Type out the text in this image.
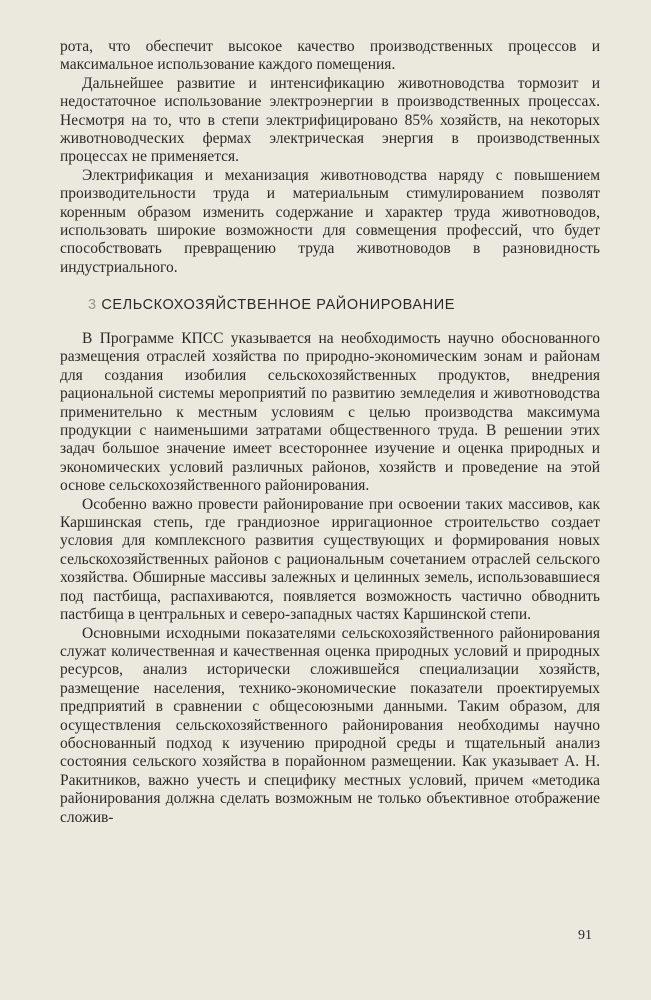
рота, что обеспечит высокое качество производственных процессов и максимальное использование каждого помещения.

Дальнейшее развитие и интенсификацию животноводства тормозит и недостаточное использование электроэнергии в производственных процессах. Несмотря на то, что в степи электрифицировано 85% хозяйств, на некоторых животноводческих фермах электрическая энергия в производственных процессах не применяется.

Электрификация и механизация животноводства наряду с повышением производительности труда и материальным стимулированием позволят коренным образом изменить содержание и характер труда животноводов, использовать широкие возможности для совмещения профессий, что будет способствовать превращению труда животноводов в разновидность индустриального.

3 СЕЛЬСКОХОЗЯЙСТВЕННОЕ РАЙОНИРОВАНИЕ

В Программе КПСС указывается на необходимость научно обоснованного размещения отраслей хозяйства по природно-экономическим зонам и районам для создания изобилия сельскохозяйственных продуктов, внедрения рациональной системы мероприятий по развитию земледелия и животноводства применительно к местным условиям с целью производства максимума продукции с наименьшими затратами общественного труда. В решении этих задач большое значение имеет всестороннее изучение и оценка природных и экономических условий различных районов, хозяйств и проведение на этой основе сельскохозяйственного районирования.

Особенно важно провести районирование при освоении таких массивов, как Каршинская степь, где грандиозное ирригационное строительство создает условия для комплексного развития существующих и формирования новых сельскохозяйственных районов с рациональным сочетанием отраслей сельского хозяйства. Обширные массивы залежных и целинных земель, использовавшиеся под пастбища, распахиваются, появляется возможность частично обводнить пастбища в центральных и северо-западных частях Каршинской степи.

Основными исходными показателями сельскохозяйственного районирования служат количественная и качественная оценка природных условий и природных ресурсов, анализ исторически сложившейся специализации хозяйств, размещение населения, технико-экономические показатели проектируемых предприятий в сравнении с общесоюзными данными. Таким образом, для осуществления сельскохозяйственного районирования необходимы научно обоснованный подход к изучению природной среды и тщательный анализ состояния сельского хозяйства в порайонном размещении. Как указывает А. Н. Ракитников, важно учесть и специфику местных условий, причем «методика районирования должна сделать возможным не только объективное отображение сложив-

91
